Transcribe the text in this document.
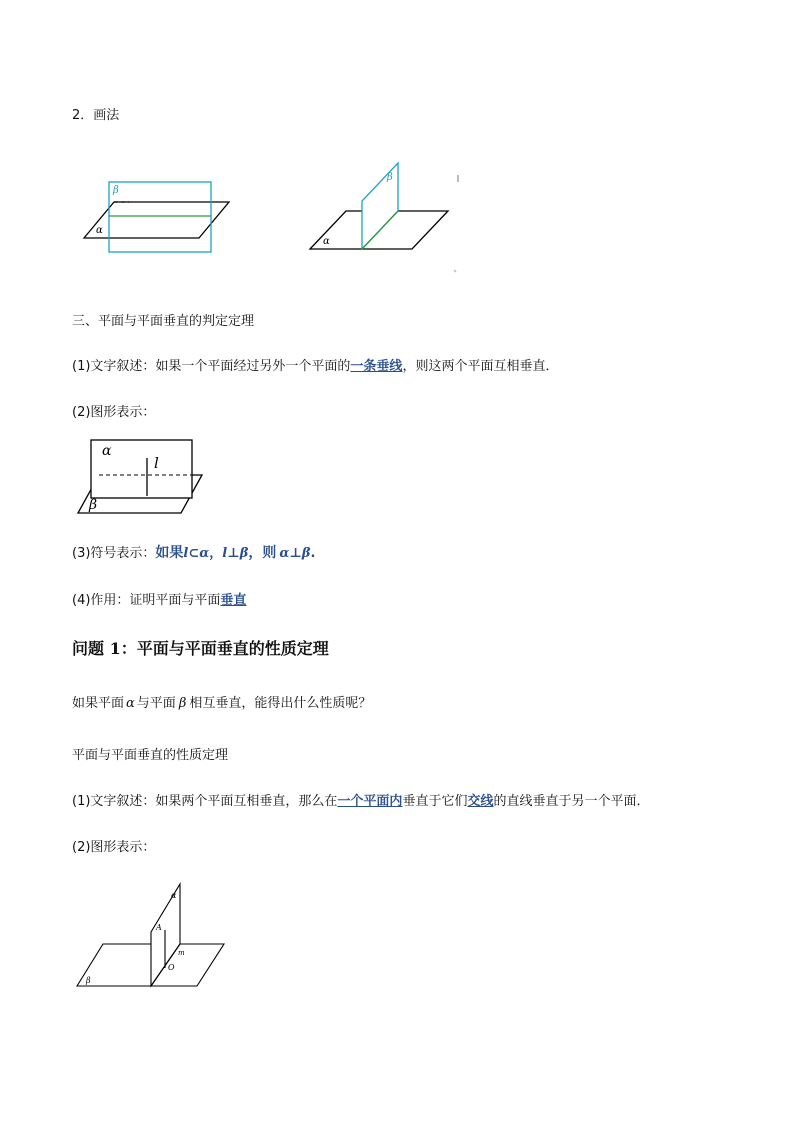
2．画法
β
α
β
α
三、平面与平面垂直的判定定理
(1)文字叙述：如果一个平面经过另外一个平面的一条垂线，则这两个平面互相垂直．
(2)图形表示：
α
l
β
(3)符号表示：如果l⊂α，l⊥β，则 α⊥β.
(4)作用：证明平面与平面垂直
问题 1：平面与平面垂直的性质定理
如果平面 α 与平面 β 相互垂直，能得出什么性质呢？
平面与平面垂直的性质定理
(1)文字叙述：如果两个平面互相垂直，那么在一个平面内垂直于它们交线的直线垂直于另一个平面．
(2)图形表示：
α
A
m
O
β
